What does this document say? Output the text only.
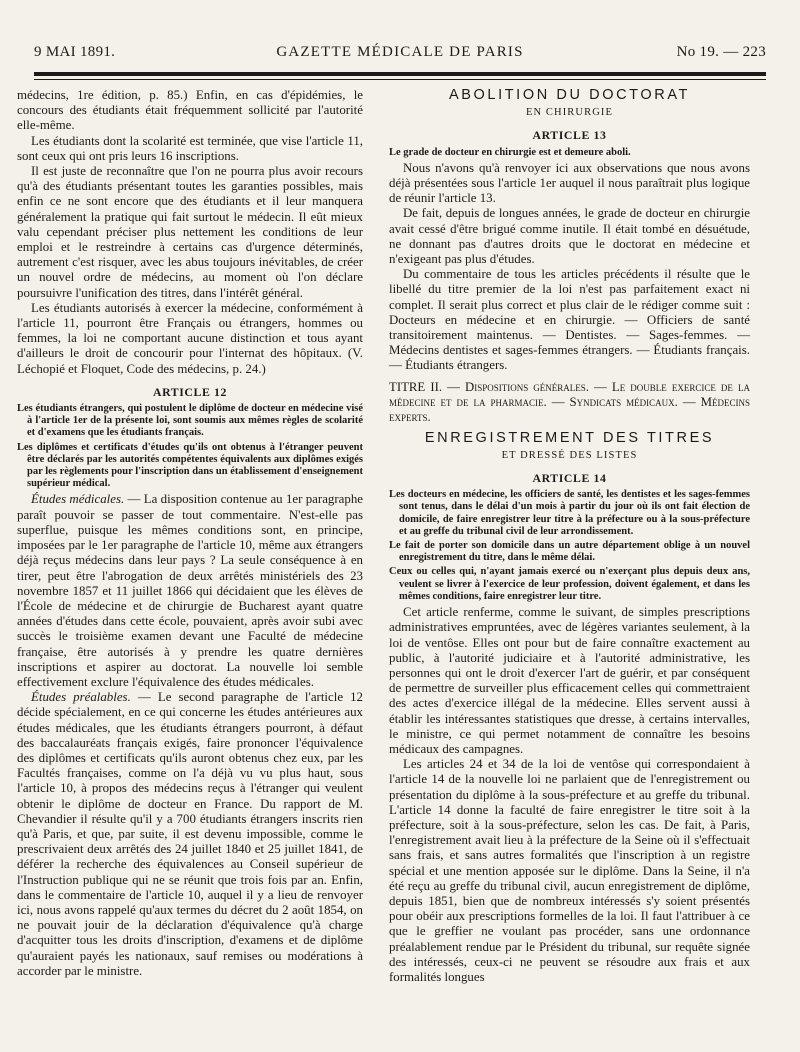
9 MAI 1891.	GAZETTE MÉDICALE DE PARIS	No 19. — 223

médecins, 1re édition, p. 85.) Enfin, en cas d'épidémies, le concours des étudiants était fréquemment sollicité par l'autorité elle-même.

Les étudiants dont la scolarité est terminée, que vise l'article 11, sont ceux qui ont pris leurs 16 inscriptions.

Il est juste de reconnaître que l'on ne pourra plus avoir recours qu'à des étudiants présentant toutes les garanties possibles, mais enfin ce ne sont encore que des étudiants et il leur manquera généralement la pratique qui fait surtout le médecin. Il eût mieux valu cependant préciser plus nettement les conditions de leur emploi et le restreindre à certains cas d'urgence déterminés, autrement c'est risquer, avec les abus toujours inévitables, de créer un nouvel ordre de médecins, au moment où l'on déclare poursuivre l'unification des titres, dans l'intérêt général.

Les étudiants autorisés à exercer la médecine, conformément à l'article 11, pourront être Français ou étrangers, hommes ou femmes, la loi ne comportant aucune distinction et tous ayant d'ailleurs le droit de concourir pour l'internat des hôpitaux. (V. Léchopié et Floquet, Code des médecins, p. 24.)

ARTICLE 12
Les étudiants étrangers, qui postulent le diplôme de docteur en médecine visé à l'article 1er de la présente loi, sont soumis aux mêmes règles de scolarité et d'examens que les étudiants français.
Les diplômes et certificats d'études qu'ils ont obtenus à l'étranger peuvent être déclarés par les autorités compétentes équivalents aux diplômes exigés par les règlements pour l'inscription dans un établissement d'enseignement supérieur médical.

Études médicales. — La disposition contenue au 1er paragraphe paraît pouvoir se passer de tout commentaire. N'est-elle pas superflue, puisque les mêmes conditions sont, en principe, imposées par le 1er paragraphe de l'article 10, même aux étrangers déjà reçus médecins dans leur pays ? La seule conséquence à en tirer, peut être l'abrogation de deux arrêtés ministériels des 23 novembre 1857 et 11 juillet 1866 qui décidaient que les élèves de l'École de médecine et de chirurgie de Bucharest ayant quatre années d'études dans cette école, pouvaient, après avoir subi avec succès le troisième examen devant une Faculté de médecine française, être autorisés à y prendre les quatre dernières inscriptions et aspirer au doctorat. La nouvelle loi semble effectivement exclure l'équivalence des études médicales.

Études préalables. — Le second paragraphe de l'article 12 décide spécialement, en ce qui concerne les études antérieures aux études médicales, que les étudiants étrangers pourront, à défaut des baccalauréats français exigés, faire prononcer l'équivalence des diplômes et certificats qu'ils auront obtenus chez eux, par les Facultés françaises, comme on l'a déjà vu vu plus haut, sous l'article 10, à propos des médecins reçus à l'étranger qui veulent obtenir le diplôme de docteur en France. Du rapport de M. Chevandier il résulte qu'il y a 700 étudiants étrangers inscrits rien qu'à Paris, et que, par suite, il est devenu impossible, comme le prescrivaient deux arrêtés des 24 juillet 1840 et 25 juillet 1841, de déférer la recherche des équivalences au Conseil supérieur de l'Instruction publique qui ne se réunit que trois fois par an. Enfin, dans le commentaire de l'article 10, auquel il y a lieu de renvoyer ici, nous avons rappelé qu'aux termes du décret du 2 août 1854, on ne pouvait jouir de la déclaration d'équivalence qu'à charge d'acquitter tous les droits d'inscription, d'examens et de diplôme qu'auraient payés les nationaux, sauf remises ou modérations à accorder par le ministre.

ABOLITION DU DOCTORAT
EN CHIRURGIE
ARTICLE 13
Le grade de docteur en chirurgie est et demeure aboli.

Nous n'avons qu'à renvoyer ici aux observations que nous avons déjà présentées sous l'article 1er auquel il nous paraîtrait plus logique de réunir l'article 13.

De fait, depuis de longues années, le grade de docteur en chirurgie avait cessé d'être brigué comme inutile. Il était tombé en désuétude, ne donnant pas d'autres droits que le doctorat en médecine et n'exigeant pas plus d'études.

Du commentaire de tous les articles précédents il résulte que le libellé du titre premier de la loi n'est pas parfaitement exact ni complet. Il serait plus correct et plus clair de le rédiger comme suit : Docteurs en médecine et en chirurgie. — Officiers de santé transitoirement maintenus. — Dentistes. — Sages-femmes. — Médecins dentistes et sages-femmes étrangers. — Étudiants français. — Étudiants étrangers.

TITRE II. — Dispositions générales. — Le double exercice de la médecine et de la pharmacie. — Syndicats médicaux. — Médecins experts.
ENREGISTREMENT DES TITRES
ET DRESSÉ DES LISTES
ARTICLE 14
Les docteurs en médecine, les officiers de santé, les dentistes et les sages-femmes sont tenus, dans le délai d'un mois à partir du jour où ils ont fait élection de domicile, de faire enregistrer leur titre à la préfecture ou à la sous-préfecture et au greffe du tribunal civil de leur arrondissement.
Le fait de porter son domicile dans un autre département oblige à un nouvel enregistrement du titre, dans le même délai.
Ceux ou celles qui, n'ayant jamais exercé ou n'exerçant plus depuis deux ans, veulent se livrer à l'exercice de leur profession, doivent également, et dans les mêmes conditions, faire enregistrer leur titre.

Cet article renferme, comme le suivant, de simples prescriptions administratives empruntées, avec de légères variantes seulement, à la loi de ventôse. Elles ont pour but de faire connaître exactement au public, à l'autorité judiciaire et à l'autorité administrative, les personnes qui ont le droit d'exercer l'art de guérir, et par conséquent de permettre de surveiller plus efficacement celles qui commettraient des actes d'exercice illégal de la médecine. Elles servent aussi à établir les intéressantes statistiques que dresse, à certains intervalles, le ministre, ce qui permet notamment de connaître les besoins médicaux des campagnes.

Les articles 24 et 34 de la loi de ventôse qui correspondaient à l'article 14 de la nouvelle loi ne parlaient que de l'enregistrement ou présentation du diplôme à la sous-préfecture et au greffe du tribunal. L'article 14 donne la faculté de faire enregistrer le titre soit à la préfecture, soit à la sous-préfecture, selon les cas. De fait, à Paris, l'enregistrement avait lieu à la préfecture de la Seine où il s'effectuait sans frais, et sans autres formalités que l'inscription à un registre spécial et une mention apposée sur le diplôme. Dans la Seine, il n'a été reçu au greffe du tribunal civil, aucun enregistrement de diplôme, depuis 1851, bien que de nombreux intéressés s'y soient présentés pour obéir aux prescriptions formelles de la loi. Il faut l'attribuer à ce que le greffier ne voulant pas procéder, sans une ordonnance préalablement rendue par le Président du tribunal, sur requête signée des intéressés, ceux-ci ne peuvent se résoudre aux frais et aux formalités longues
